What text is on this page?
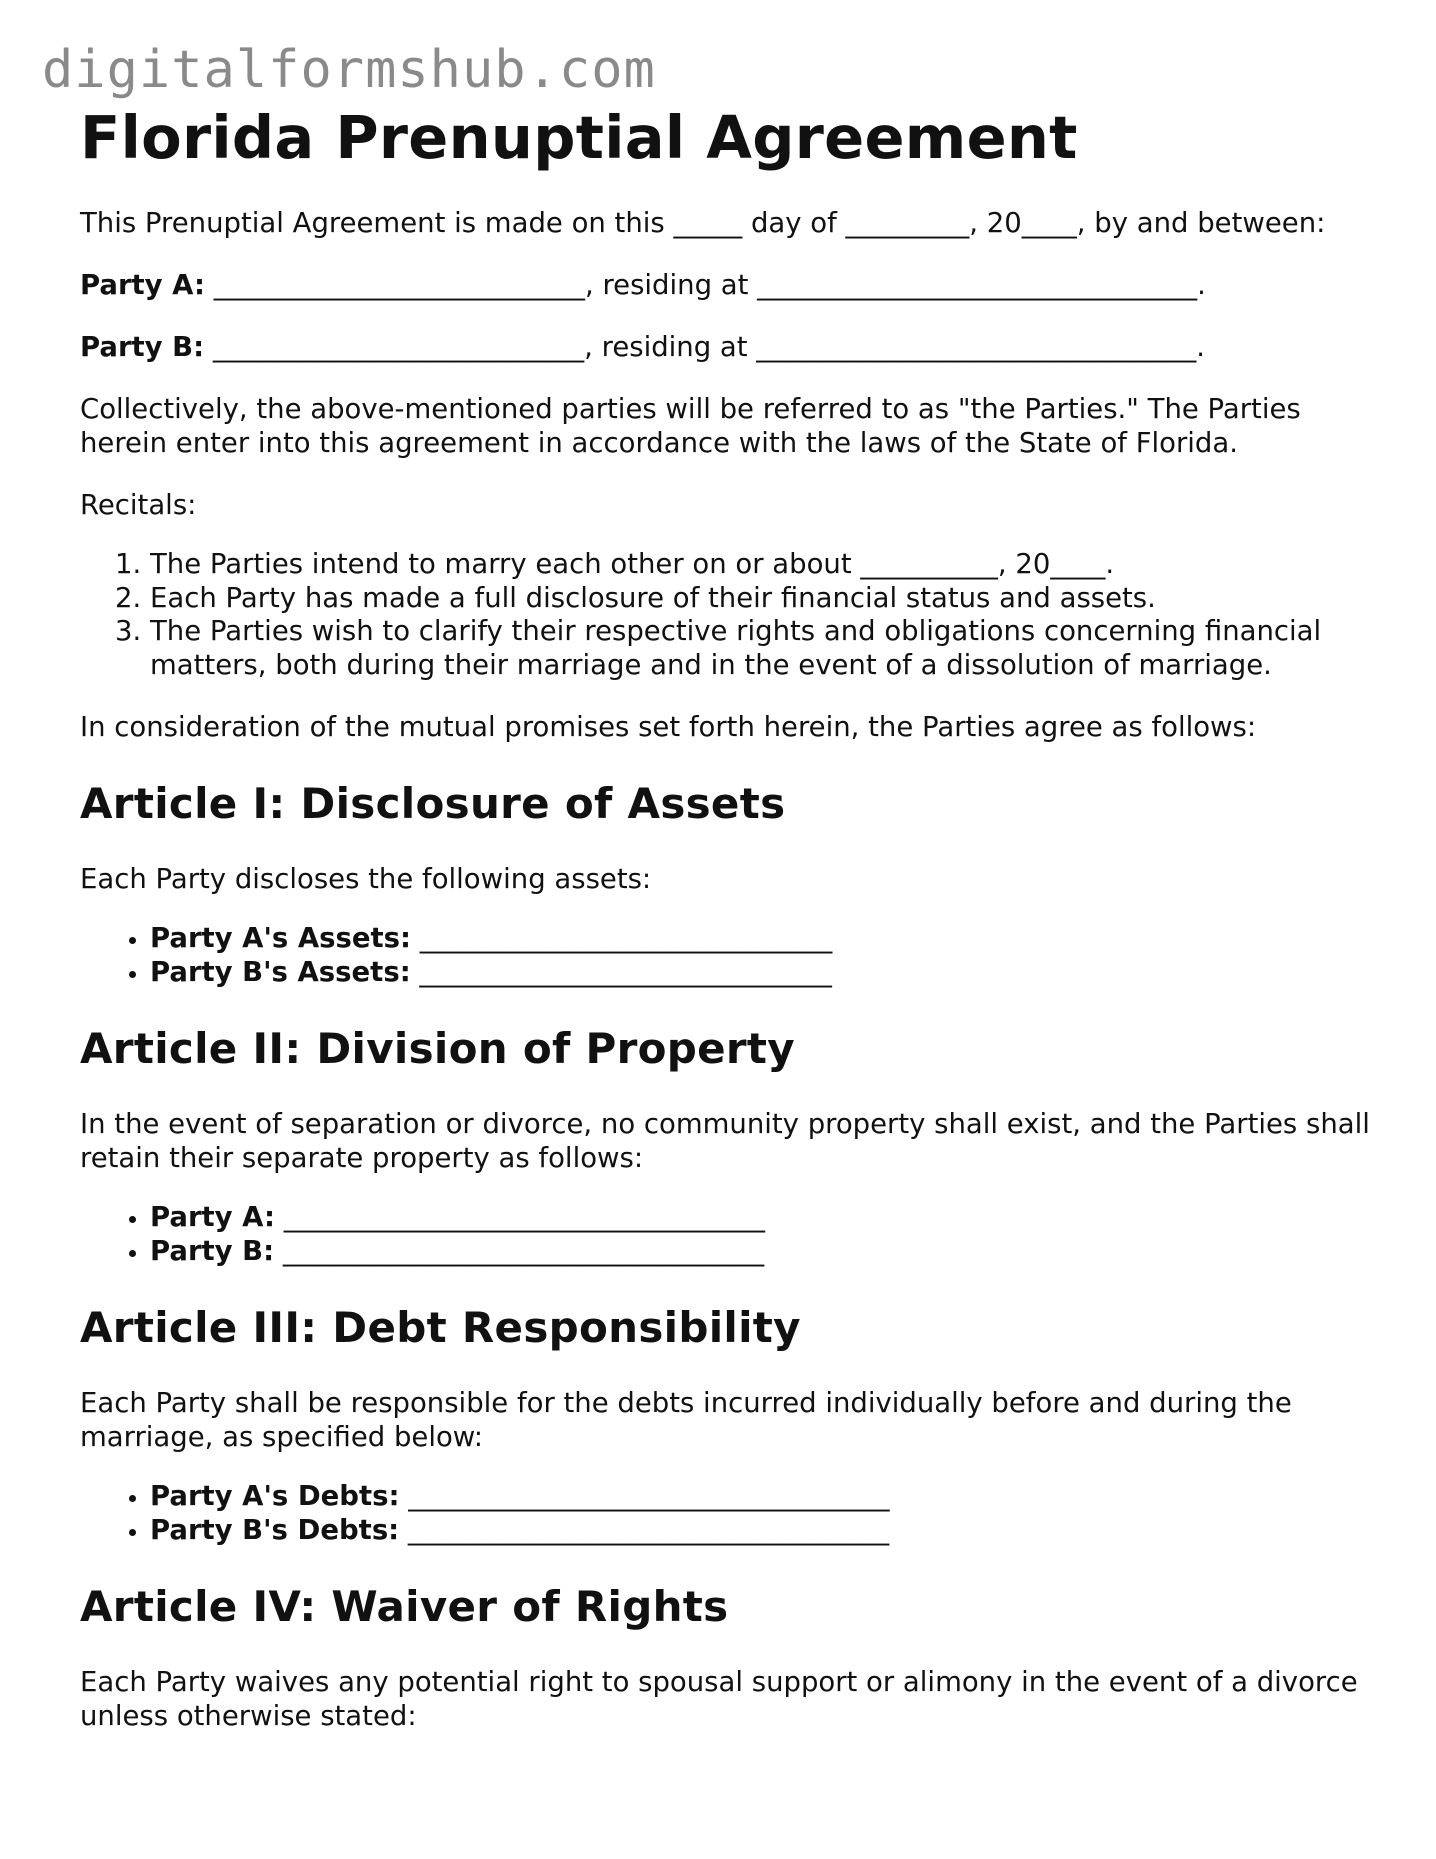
digitalformshub.com
Florida Prenuptial Agreement

This Prenuptial Agreement is made on this _____ day of _________, 20____, by and between:

Party A: ___________________________, residing at ________________________________.

Party B: ___________________________, residing at ________________________________.

Collectively, the above-mentioned parties will be referred to as "the Parties." The Parties herein enter into this agreement in accordance with the laws of the State of Florida.

Recitals:

1. The Parties intend to marry each other on or about __________, 20____.
2. Each Party has made a full disclosure of their financial status and assets.
3. The Parties wish to clarify their respective rights and obligations concerning financial matters, both during their marriage and in the event of a dissolution of marriage.

In consideration of the mutual promises set forth herein, the Parties agree as follows:

Article I: Disclosure of Assets

Each Party discloses the following assets:

• Party A's Assets: ______________________________
• Party B's Assets: ______________________________
Article II: Division of Property

In the event of separation or divorce, no community property shall exist, and the Parties shall retain their separate property as follows:

• Party A: ___________________________________
• Party B: ___________________________________
Article III: Debt Responsibility

Each Party shall be responsible for the debts incurred individually before and during the marriage, as specified below:

• Party A's Debts: ___________________________________
• Party B's Debts: ___________________________________
Article IV: Waiver of Rights

Each Party waives any potential right to spousal support or alimony in the event of a divorce unless otherwise stated:
